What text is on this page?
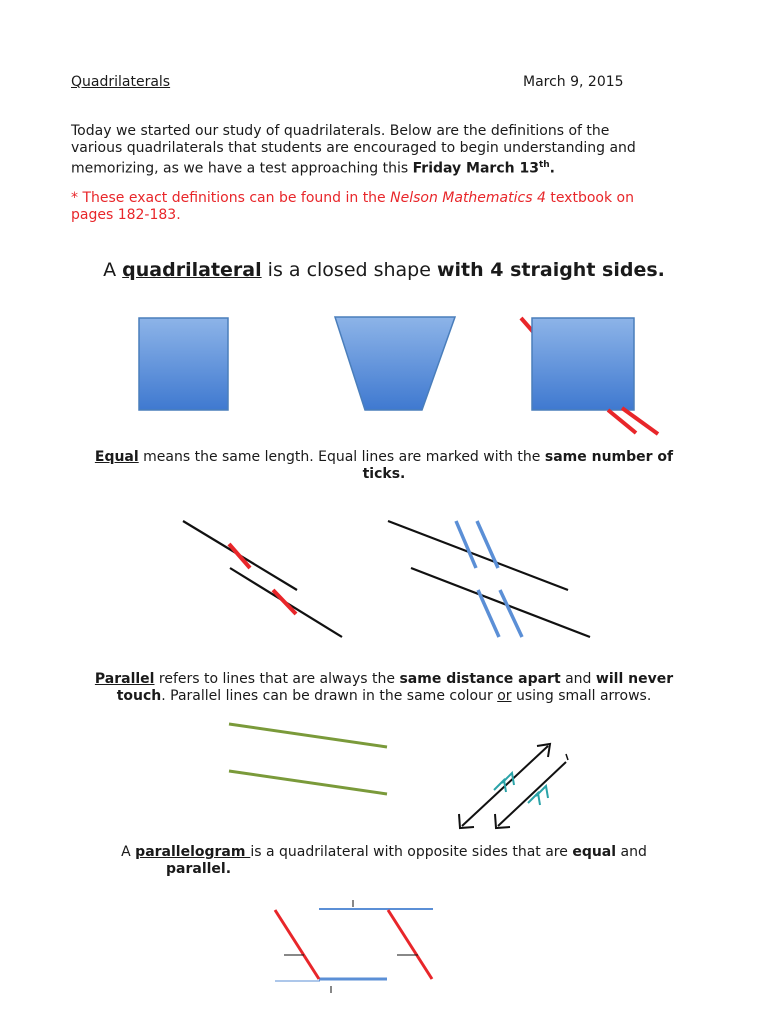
Quadrilaterals	March 9, 2015
Today we started our study of quadrilaterals. Below are the definitions of the
various quadrilaterals that students are encouraged to begin understanding and
memorizing, as we have a test approaching this Friday March 13th.
* These exact definitions can be found in the Nelson Mathematics 4 textbook on
pages 182-183.
A quadrilateral is a closed shape with 4 straight sides.
Equal means the same length. Equal lines are marked with the same number of
ticks.
Parallel refers to lines that are always the same distance apart and will never
touch. Parallel lines can be drawn in the same colour or using small arrows.
A parallelogram is a quadrilateral with opposite sides that are equal and
parallel.
